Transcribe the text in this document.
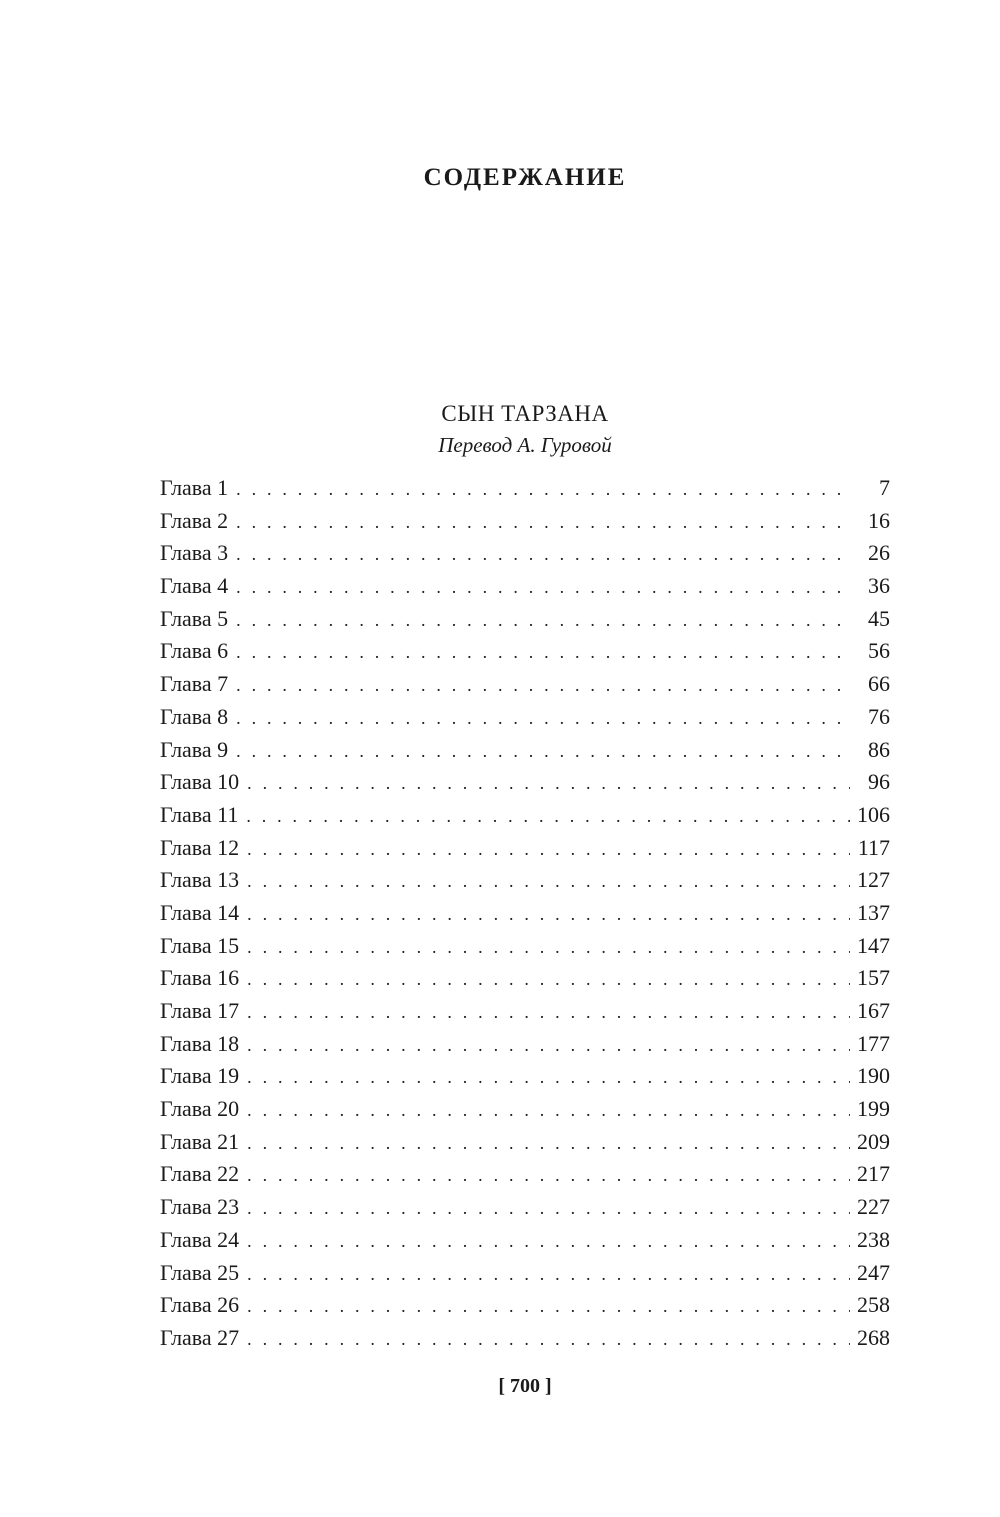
СОДЕРЖАНИЕ
СЫН ТАРЗАНА
Перевод А. Гуровой
Глава 1 . . .	7
Глава 2 . . .	16
Глава 3 . . .	26
Глава 4 . . .	36
Глава 5 . . .	45
Глава 6 . . .	56
Глава 7 . . .	66
Глава 8 . . .	76
Глава 9 . . .	86
Глава 10 . . .	96
Глава 11 . . .	106
Глава 12 . . .	117
Глава 13 . . .	127
Глава 14 . . .	137
Глава 15 . . .	147
Глава 16 . . .	157
Глава 17 . . .	167
Глава 18 . . .	177
Глава 19 . . .	190
Глава 20 . . .	199
Глава 21 . . .	209
Глава 22 . . .	217
Глава 23 . . .	227
Глава 24 . . .	238
Глава 25 . . .	247
Глава 26 . . .	258
Глава 27 . . .	268
[ 700 ]
